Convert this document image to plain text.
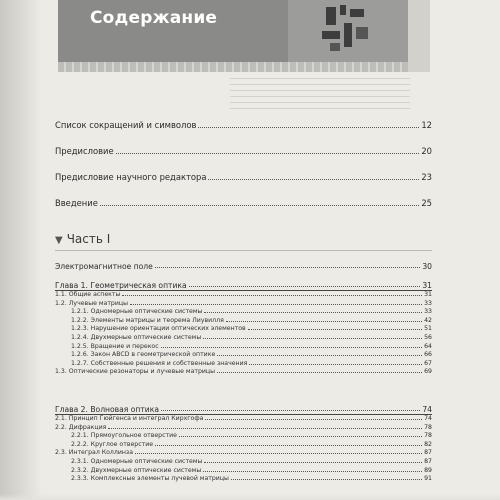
Содержание
Список сокращений и символов	12
Предисловие	20
Предисловие научного редактора	23
Введение	25
▼ Часть I
Электромагнитное поле	30
Глава 1. Геометрическая оптика	31
1.1. Общие аспекты	31
1.2. Лучевые матрицы	33
1.2.1. Одномерные оптические системы	33
1.2.2. Элементы матрицы и теорема Лиувилля	42
1.2.3. Нарушение ориентации оптических элементов	51
1.2.4. Двухмерные оптические системы	56
1.2.5. Вращение и перекос	64
1.2.6. Закон ABCD в геометрической оптике	66
1.2.7. Собственные решения и собственные значения	67
1.3. Оптические резонаторы и лучевые матрицы	69
Глава 2. Волновая оптика	74
2.1. Принцип Гюйгенса и интеграл Кирхгофа	74
2.2. Дифракция	78
2.2.1. Прямоугольное отверстие	78
2.2.2. Круглое отверстие	82
2.3. Интеграл Коллинза	87
2.3.1. Одномерные оптические системы	87
2.3.2. Двухмерные оптические системы	89
2.3.3. Комплексные элементы лучевой матрицы	91
